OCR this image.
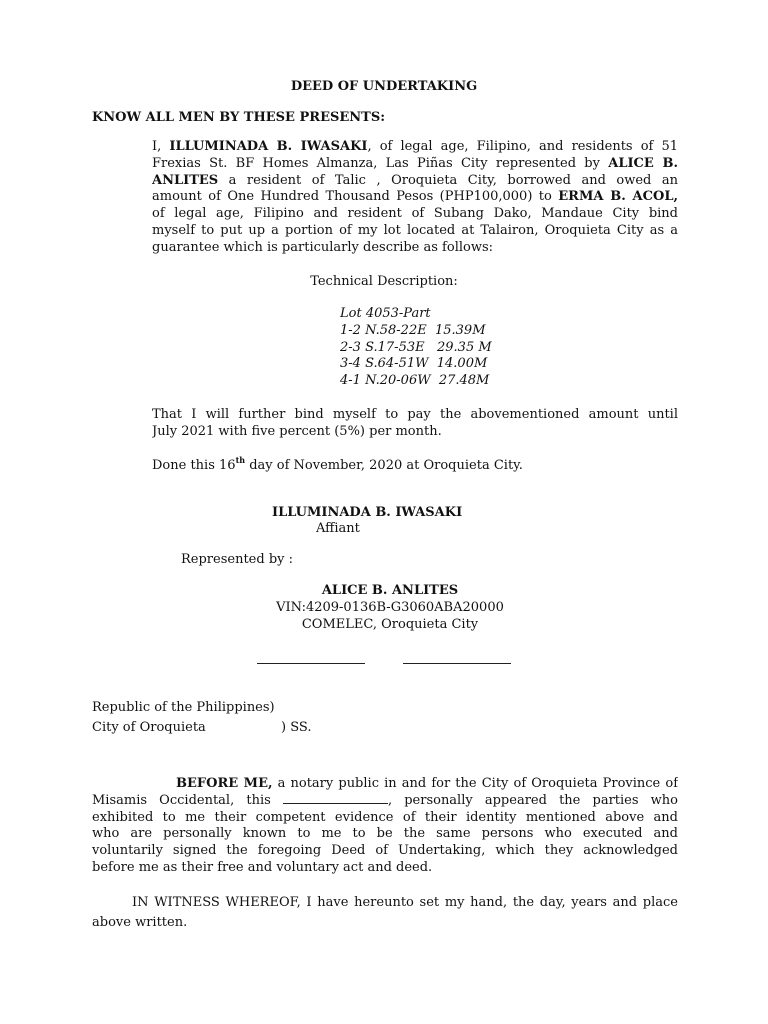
DEED OF UNDERTAKING
KNOW ALL MEN BY THESE PRESENTS:
I, ILLUMINADA B. IWASAKI, of legal age, Filipino, and residents of 51
Frexias St. BF Homes Almanza, Las Piñas City represented by ALICE B.
ANLITES a resident of Talic , Oroquieta City, borrowed and owed an
amount of One Hundred Thousand Pesos (PHP100,000) to ERMA B. ACOL,
of legal age, Filipino and resident of Subang Dako, Mandaue City bind
myself to put up a portion of my lot located at Talairon, Oroquieta City as a
guarantee which is particularly describe as follows:
Technical Description:
Lot 4053-Part
1-2 N.58-22E  15.39M
2-3 S.17-53E   29.35 M
3-4 S.64-51W  14.00M
4-1 N.20-06W  27.48M
That I will further bind myself to pay the abovementioned amount until
July 2021 with five percent (5%) per month.
Done this 16th day of November, 2020 at Oroquieta City.
ILLUMINADA B. IWASAKI
Affiant
Represented by :
ALICE B. ANLITES
VIN:4209-0136B-G3060ABA20000
COMELEC, Oroquieta City
Republic of the Philippines)
City of Oroquieta	) SS.
BEFORE ME, a notary public in and for the City of Oroquieta Province of
Misamis Occidental, this	, personally appeared the parties who
exhibited to me their competent evidence of their identity mentioned above and
who are personally known to me to be the same persons who executed and
voluntarily signed the foregoing Deed of Undertaking, which they acknowledged
before me as their free and voluntary act and deed.
IN WITNESS WHEREOF, I have hereunto set my hand, the day, years and place
above written.
